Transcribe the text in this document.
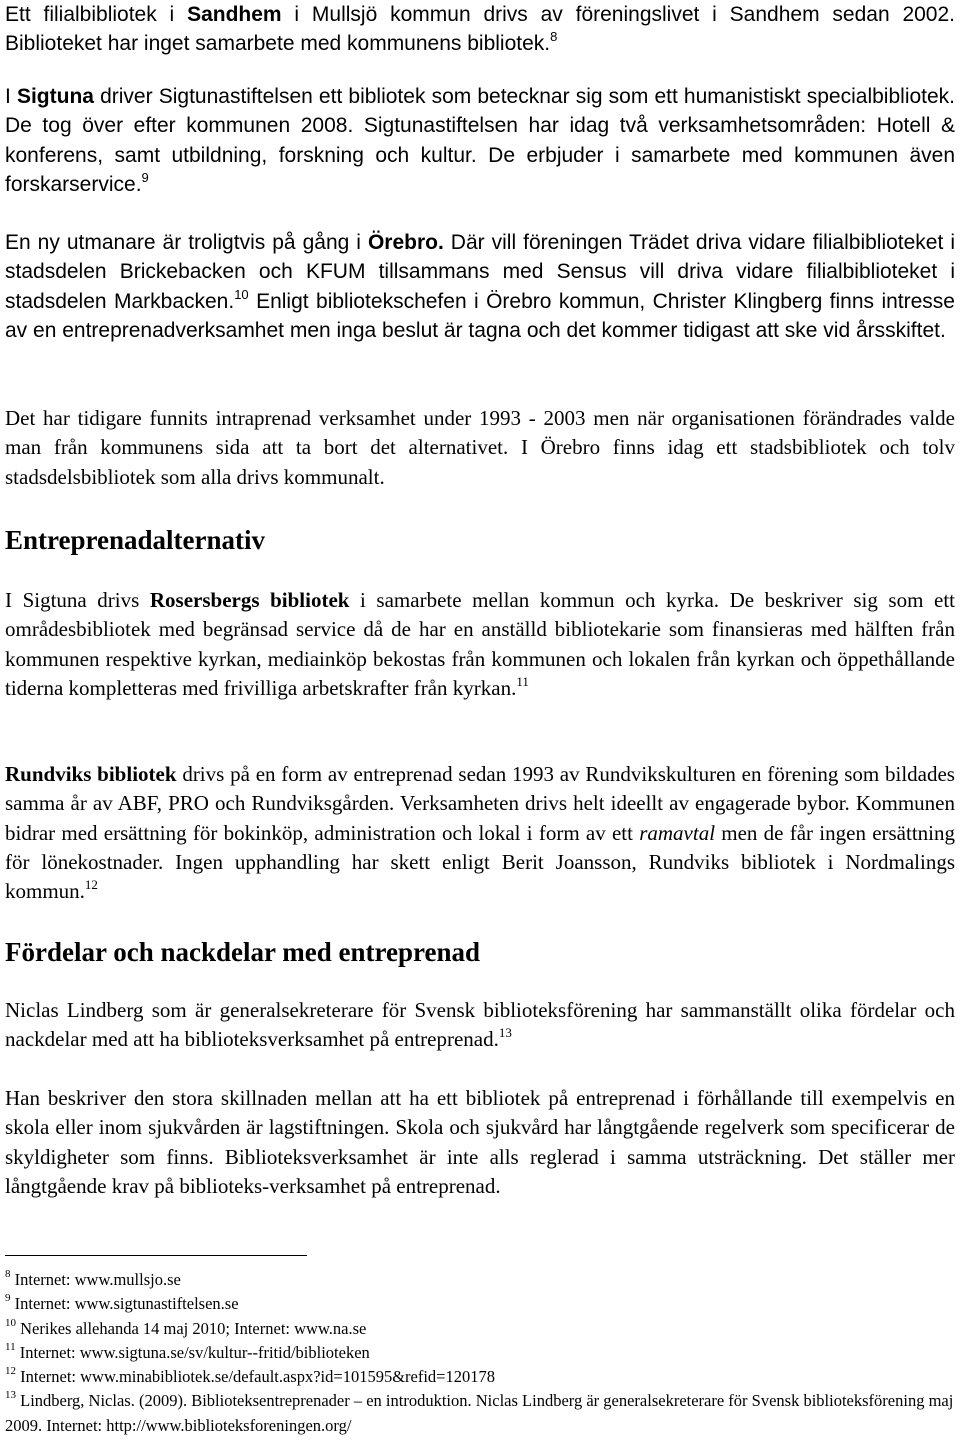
Ett filialbibliotek i Sandhem i Mullsjö kommun drivs av föreningslivet i Sandhem sedan 2002. Biblioteket har inget samarbete med kommunens bibliotek.$^8$

I Sigtuna driver Sigtunastiftelsen ett bibliotek som betecknar sig som ett humanistiskt specialbibliotek. De tog över efter kommunen 2008. Sigtunastiftelsen har idag två verksamhetsområden: Hotell & konferens, samt utbildning, forskning och kultur. De erbjuder i samarbete med kommunen även forskarservice.$^9$

En ny utmanare är troligtvis på gång i Örebro. Där vill föreningen Trädet driva vidare filialbiblioteket i stadsdelen Brickebacken och KFUM tillsammans med Sensus vill driva vidare filialbiblioteket i stadsdelen Markbacken.$^{10}$ Enligt bibliotekschefen i Örebro kommun, Christer Klingberg finns intresse av en entreprenadverksamhet men inga beslut är tagna och det kommer tidigast att ske vid årsskiftet.

Det har tidigare funnits intraprenad verksamhet under 1993 - 2003 men när organisationen förändrades valde man från kommunens sida att ta bort det alternativet. I Örebro finns idag ett stadsbibliotek och tolv stadsdelsbibliotek som alla drivs kommunalt.

Entreprenadalternativ

I Sigtuna drivs Rosersbergs bibliotek i samarbete mellan kommun och kyrka. De beskriver sig som ett områdesbibliotek med begränsad service då de har en anställd bibliotekarie som finansieras med hälften från kommunen respektive kyrkan, mediainköp bekostas från kommunen och lokalen från kyrkan och öppethållande tiderna kompletteras med frivilliga arbetskrafter från kyrkan.$^{11}$

Rundviks bibliotek drivs på en form av entreprenad sedan 1993 av Rundvikskulturen en förening som bildades samma år av ABF, PRO och Rundviksgården. Verksamheten drivs helt ideellt av engagerade bybor. Kommunen bidrar med ersättning för bokinköp, administration och lokal i form av ett ramavtal men de får ingen ersättning för lönekostnader. Ingen upphandling har skett enligt Berit Joansson, Rundviks bibliotek i Nordmalings kommun.$^{12}$

Fördelar och nackdelar med entreprenad

Niclas Lindberg som är generalsekreterare för Svensk biblioteksförening har sammanställt olika fördelar och nackdelar med att ha biblioteksverksamhet på entreprenad.$^{13}$

Han beskriver den stora skillnaden mellan att ha ett bibliotek på entreprenad i förhållande till exempelvis en skola eller inom sjukvården är lagstiftningen. Skola och sjukvård har långtgående regelverk som specificerar de skyldigheter som finns. Biblioteksverksamhet är inte alls reglerad i samma utsträckning. Det ställer mer långtgående krav på biblioteks-verksamhet på entreprenad.

$^8$ Internet: www.mullsjo.se
$^9$ Internet: www.sigtunastiftelsen.se
$^{10}$ Nerikes allehanda 14 maj 2010; Internet: www.na.se
$^{11}$ Internet: www.sigtuna.se/sv/kultur--fritid/biblioteken
$^{12}$ Internet: www.minabibliotek.se/default.aspx?id=101595&refid=120178
$^{13}$ Lindberg, Niclas. (2009). Biblioteksentreprenader – en introduktion. Niclas Lindberg är generalsekreterare för Svensk biblioteksförening maj 2009. Internet: http://www.biblioteksforeningen.org/
